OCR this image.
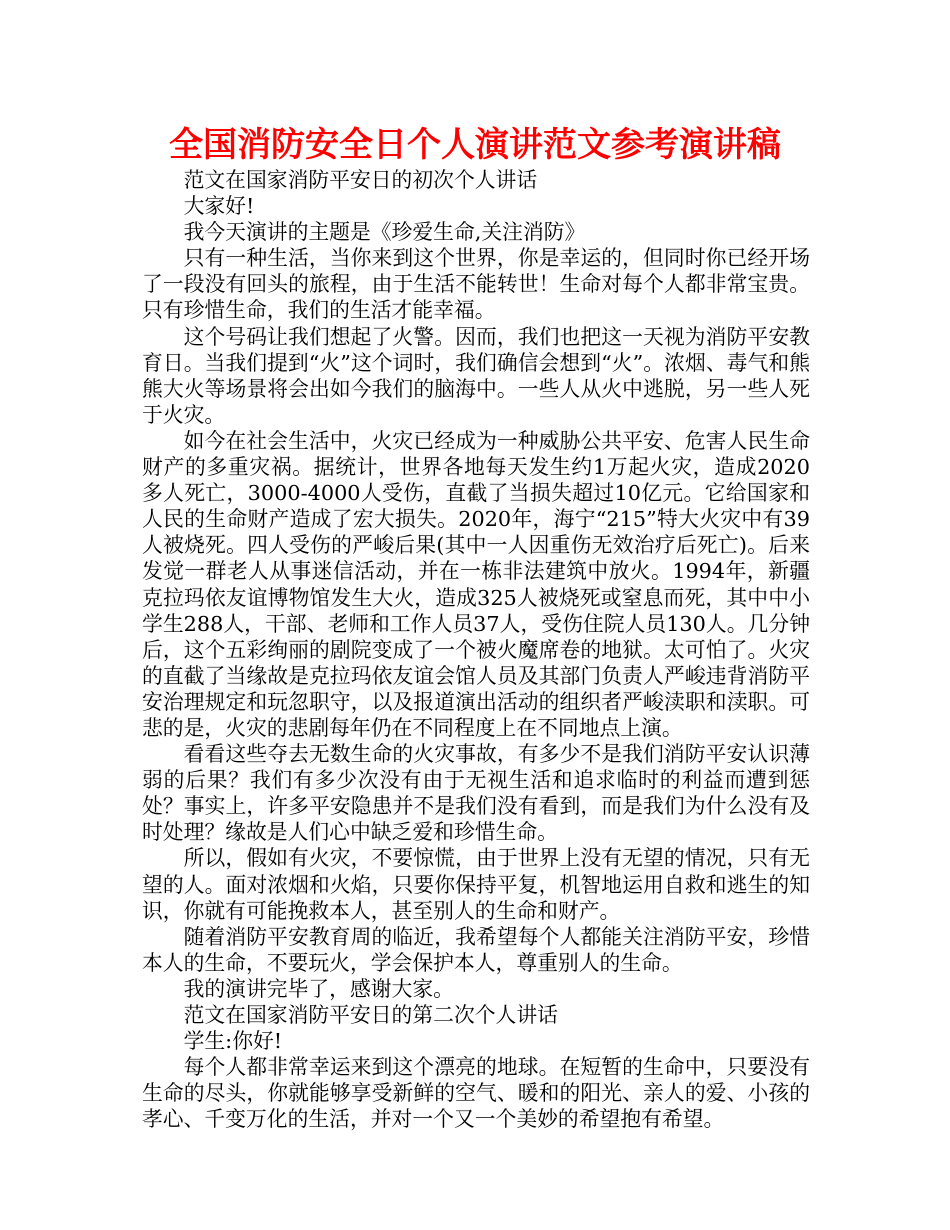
全国消防安全日个人演讲范文参考演讲稿

范文在国家消防平安日的初次个人讲话

大家好!

我今天演讲的主题是《珍爱生命,关注消防》

只有一种生活，当你来到这个世界，你是幸运的，但同时你已经开场了一段没有回头的旅程，由于生活不能转世！生命对每个人都非常宝贵。只有珍惜生命，我们的生活才能幸福。

这个号码让我们想起了火警。因而，我们也把这一天视为消防平安教育日。当我们提到“火”这个词时，我们确信会想到“火”。浓烟、毒气和熊熊大火等场景将会出如今我们的脑海中。一些人从火中逃脱，另一些人死于火灾。

如今在社会生活中，火灾已经成为一种威胁公共平安、危害人民生命财产的多重灾祸。据统计，世界各地每天发生约1万起火灾，造成2020多人死亡，3000-4000人受伤，直截了当损失超过10亿元。它给国家和人民的生命财产造成了宏大损失。2020年，海宁“215”特大火灾中有39人被烧死。四人受伤的严峻后果(其中一人因重伤无效治疗后死亡)。后来发觉一群老人从事迷信活动，并在一栋非法建筑中放火。1994年，新疆克拉玛依友谊博物馆发生大火，造成325人被烧死或窒息而死，其中中小学生288人，干部、老师和工作人员37人，受伤住院人员130人。几分钟后，这个五彩绚丽的剧院变成了一个被火魔席卷的地狱。太可怕了。火灾的直截了当缘故是克拉玛依友谊会馆人员及其部门负责人严峻违背消防平安治理规定和玩忽职守，以及报道演出活动的组织者严峻渎职和渎职。可悲的是，火灾的悲剧每年仍在不同程度上在不同地点上演。

看看这些夺去无数生命的火灾事故，有多少不是我们消防平安认识薄弱的后果？我们有多少次没有由于无视生活和追求临时的利益而遭到惩处？事实上，许多平安隐患并不是我们没有看到，而是我们为什么没有及时处理？缘故是人们心中缺乏爱和珍惜生命。

所以，假如有火灾，不要惊慌，由于世界上没有无望的情况，只有无望的人。面对浓烟和火焰，只要你保持平复，机智地运用自救和逃生的知识，你就有可能挽救本人，甚至别人的生命和财产。

随着消防平安教育周的临近，我希望每个人都能关注消防平安，珍惜本人的生命，不要玩火，学会保护本人，尊重别人的生命。

我的演讲完毕了，感谢大家。

范文在国家消防平安日的第二次个人讲话

学生:你好!

每个人都非常幸运来到这个漂亮的地球。在短暂的生命中，只要没有生命的尽头，你就能够享受新鲜的空气、暖和的阳光、亲人的爱、小孩的孝心、千变万化的生活，并对一个又一个美妙的希望抱有希望。
